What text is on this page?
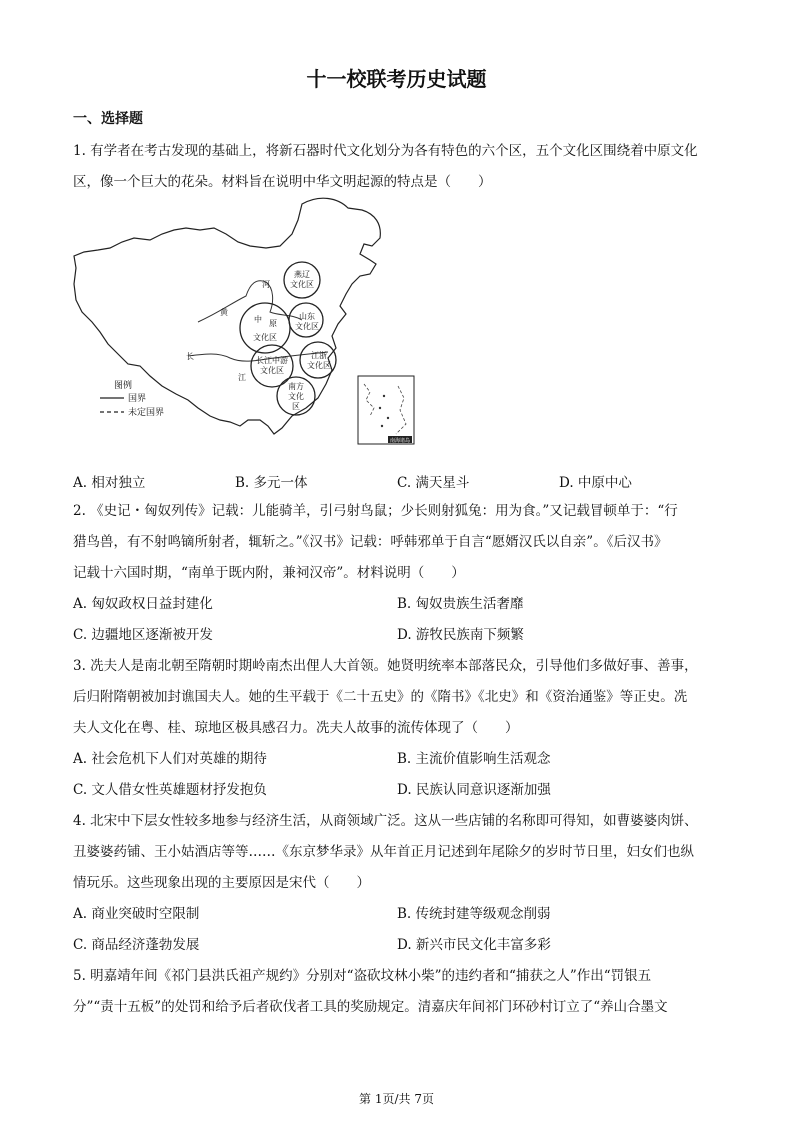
十一校联考历史试题
一、选择题

1. 有学者在考古发现的基础上，将新石器时代文化划分为各有特色的六个区，五个文化区围绕着中原文化

区，像一个巨大的花朵。材料旨在说明中华文明起源的特点是（　　）

燕辽
文化区
中 原
文化区
山东
文化区
长江中游
文化区
江浙
文化区
南方
文化
区
河
黄
长
江
图例
国界
未定国界
南海诸岛
A. 相对独立	B. 多元一体	C. 满天星斗	D. 中原中心

2. 《史记・匈奴列传》记载：儿能骑羊，引弓射鸟鼠；少长则射狐兔：用为食。”又记载冒顿单于：“行

猎鸟兽，有不射鸣镝所射者，辄斩之。”《汉书》记载：呼韩邪单于自言“愿婿汉氏以自亲”。《后汉书》

记载十六国时期，“南单于既内附，兼祠汉帝”。材料说明（　　）

A. 匈奴政权日益封建化	B. 匈奴贵族生活奢靡
C. 边疆地区逐渐被开发	D. 游牧民族南下频繁

3. 冼夫人是南北朝至隋朝时期岭南杰出俚人大首领。她贤明统率本部落民众，引导他们多做好事、善事，

后归附隋朝被加封谯国夫人。她的生平载于《二十五史》的《隋书》《北史》和《资治通鉴》等正史。冼

夫人文化在粤、桂、琼地区极具感召力。冼夫人故事的流传体现了（　　）

A. 社会危机下人们对英雄的期待	B. 主流价值影响生活观念
C. 文人借女性英雄题材抒发抱负	D. 民族认同意识逐渐加强

4. 北宋中下层女性较多地参与经济生活，从商领域广泛。这从一些店铺的名称即可得知，如曹婆婆肉饼、

丑婆婆药铺、王小姑酒店等等……《东京梦华录》从年首正月记述到年尾除夕的岁时节日里，妇女们也纵

情玩乐。这些现象出现的主要原因是宋代（　　）

A. 商业突破时空限制	B. 传统封建等级观念削弱
C. 商品经济蓬勃发展	D. 新兴市民文化丰富多彩

5. 明嘉靖年间《祁门县洪氏祖产规约》分别对“盗砍坟林小柴”的违约者和“捕获之人”作出“罚银五

分”“责十五板”的处罚和给予后者砍伐者工具的奖励规定。清嘉庆年间祁门环砂村订立了“养山合墨文

第 1页/共 7页
